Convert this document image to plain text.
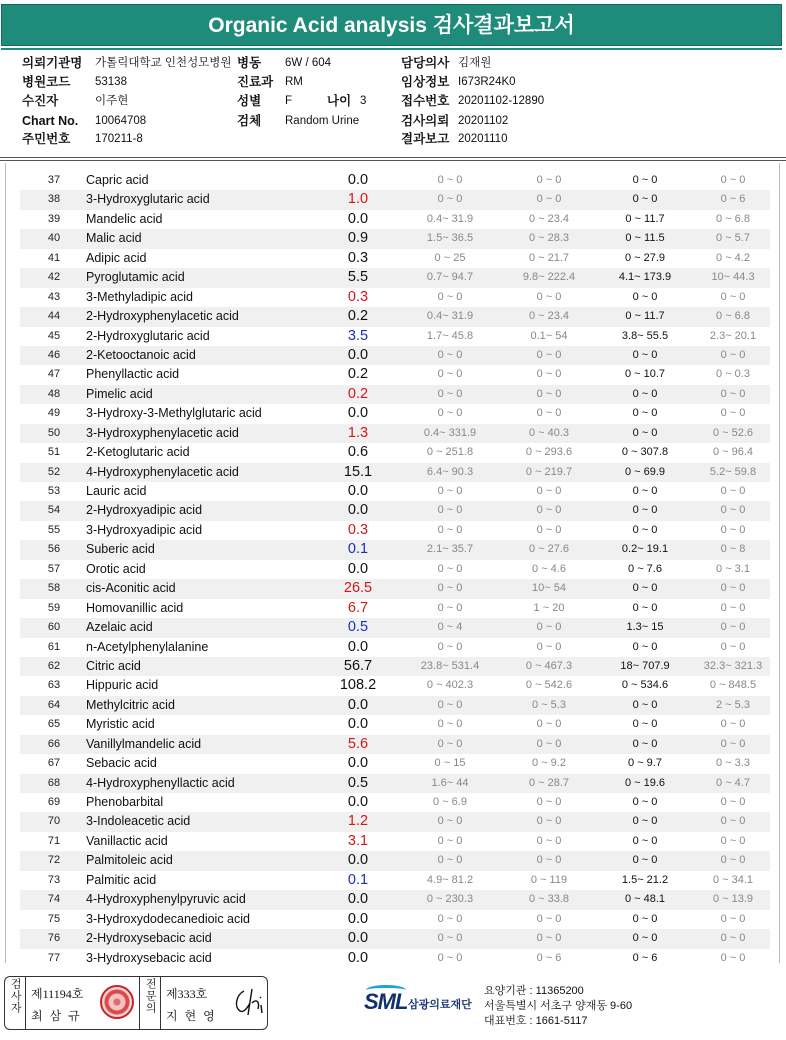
Organic Acid analysis 검사결과보고서
의뢰기관명 가톨릭대학교 인천성모병원 병동 6W / 604	담당의사 김재원
병원코드 53138	진료과 RM	임상정보 I673R24K0
수진자	이주현	성별 F	나이 3	접수번호 20201102-12890
Chart No. 10064708	검체 Random Urine	검사의뢰 20201102
주민번호 170211-8	결과보고 20201110
37	Capric acid	0.0	0 ~ 0	0 ~ 0	0 ~ 0	0 ~ 0
38	3-Hydroxyglutaric acid	1.0	0 ~ 0	0 ~ 0	0 ~ 0	0 ~ 6
39	Mandelic acid	0.0	0.4~ 31.9	0 ~ 23.4	0 ~ 11.7	0 ~ 6.8
40	Malic acid	0.9	1.5~ 36.5	0 ~ 28.3	0 ~ 11.5	0 ~ 5.7
41	Adipic acid	0.3	0 ~ 25	0 ~ 21.7	0 ~ 27.9	0 ~ 4.2
42	Pyroglutamic acid	5.5	0.7~ 94.7	9.8~ 222.4	4.1~ 173.9	10~ 44.3
43	3-Methyladipic acid	0.3	0 ~ 0	0 ~ 0	0 ~ 0	0 ~ 0
44	2-Hydroxyphenylacetic acid	0.2	0.4~ 31.9	0 ~ 23.4	0 ~ 11.7	0 ~ 6.8
45	2-Hydroxyglutaric acid	3.5	1.7~ 45.8	0.1~ 54	3.8~ 55.5	2.3~ 20.1
46	2-Ketooctanoic acid	0.0	0 ~ 0	0 ~ 0	0 ~ 0	0 ~ 0
47	Phenyllactic acid	0.2	0 ~ 0	0 ~ 0	0 ~ 10.7	0 ~ 0.3
48	Pimelic acid	0.2	0 ~ 0	0 ~ 0	0 ~ 0	0 ~ 0
49	3-Hydroxy-3-Methylglutaric acid	0.0	0 ~ 0	0 ~ 0	0 ~ 0	0 ~ 0
50	3-Hydroxyphenylacetic acid	1.3	0.4~ 331.9	0 ~ 40.3	0 ~ 0	0 ~ 52.6
51	2-Ketoglutaric acid	0.6	0 ~ 251.8	0 ~ 293.6	0 ~ 307.8	0 ~ 96.4
52	4-Hydroxyphenylacetic acid	15.1	6.4~ 90.3	0 ~ 219.7	0 ~ 69.9	5.2~ 59.8
53	Lauric acid	0.0	0 ~ 0	0 ~ 0	0 ~ 0	0 ~ 0
54	2-Hydroxyadipic acid	0.0	0 ~ 0	0 ~ 0	0 ~ 0	0 ~ 0
55	3-Hydroxyadipic acid	0.3	0 ~ 0	0 ~ 0	0 ~ 0	0 ~ 0
56	Suberic acid	0.1	2.1~ 35.7	0 ~ 27.6	0.2~ 19.1	0 ~ 8
57	Orotic acid	0.0	0 ~ 0	0 ~ 4.6	0 ~ 7.6	0 ~ 3.1
58	cis-Aconitic acid	26.5	0 ~ 0	10~ 54	0 ~ 0	0 ~ 0
59	Homovanillic acid	6.7	0 ~ 0	1 ~ 20	0 ~ 0	0 ~ 0
60	Azelaic acid	0.5	0 ~ 4	0 ~ 0	1.3~ 15	0 ~ 0
61	n-Acetylphenylalanine	0.0	0 ~ 0	0 ~ 0	0 ~ 0	0 ~ 0
62	Citric acid	56.7	23.8~ 531.4	0 ~ 467.3	18~ 707.9	32.3~ 321.3
63	Hippuric acid	108.2	0 ~ 402.3	0 ~ 542.6	0 ~ 534.6	0 ~ 848.5
64	Methylcitric acid	0.0	0 ~ 0	0 ~ 5.3	0 ~ 0	2 ~ 5.3
65	Myristic acid	0.0	0 ~ 0	0 ~ 0	0 ~ 0	0 ~ 0
66	Vanillylmandelic acid	5.6	0 ~ 0	0 ~ 0	0 ~ 0	0 ~ 0
67	Sebacic acid	0.0	0 ~ 15	0 ~ 9.2	0 ~ 9.7	0 ~ 3.3
68	4-Hydroxyphenyllactic acid	0.5	1.6~ 44	0 ~ 28.7	0 ~ 19.6	0 ~ 4.7
69	Phenobarbital	0.0	0 ~ 6.9	0 ~ 0	0 ~ 0	0 ~ 0
70	3-Indoleacetic acid	1.2	0 ~ 0	0 ~ 0	0 ~ 0	0 ~ 0
71	Vanillactic acid	3.1	0 ~ 0	0 ~ 0	0 ~ 0	0 ~ 0
72	Palmitoleic acid	0.0	0 ~ 0	0 ~ 0	0 ~ 0	0 ~ 0
73	Palmitic acid	0.1	4.9~ 81.2	0 ~ 119	1.5~ 21.2	0 ~ 34.1
74	4-Hydroxyphenylpyruvic acid	0.0	0 ~ 230.3	0 ~ 33.8	0 ~ 48.1	0 ~ 13.9
75	3-Hydroxydodecanedioic acid	0.0	0 ~ 0	0 ~ 0	0 ~ 0	0 ~ 0
76	2-Hydroxysebacic acid	0.0	0 ~ 0	0 ~ 0	0 ~ 0	0 ~ 0
77	3-Hydroxysebacic acid	0.0	0 ~ 0	0 ~ 6	0 ~ 6	0 ~ 0
검사자 제11194호
최 삼 규
전문의 제333호
지 현 영
SML 삼광의료재단
요양기관 : 11365200
서울특별시 서초구 양재동 9-60
대표번호 : 1661-5117
